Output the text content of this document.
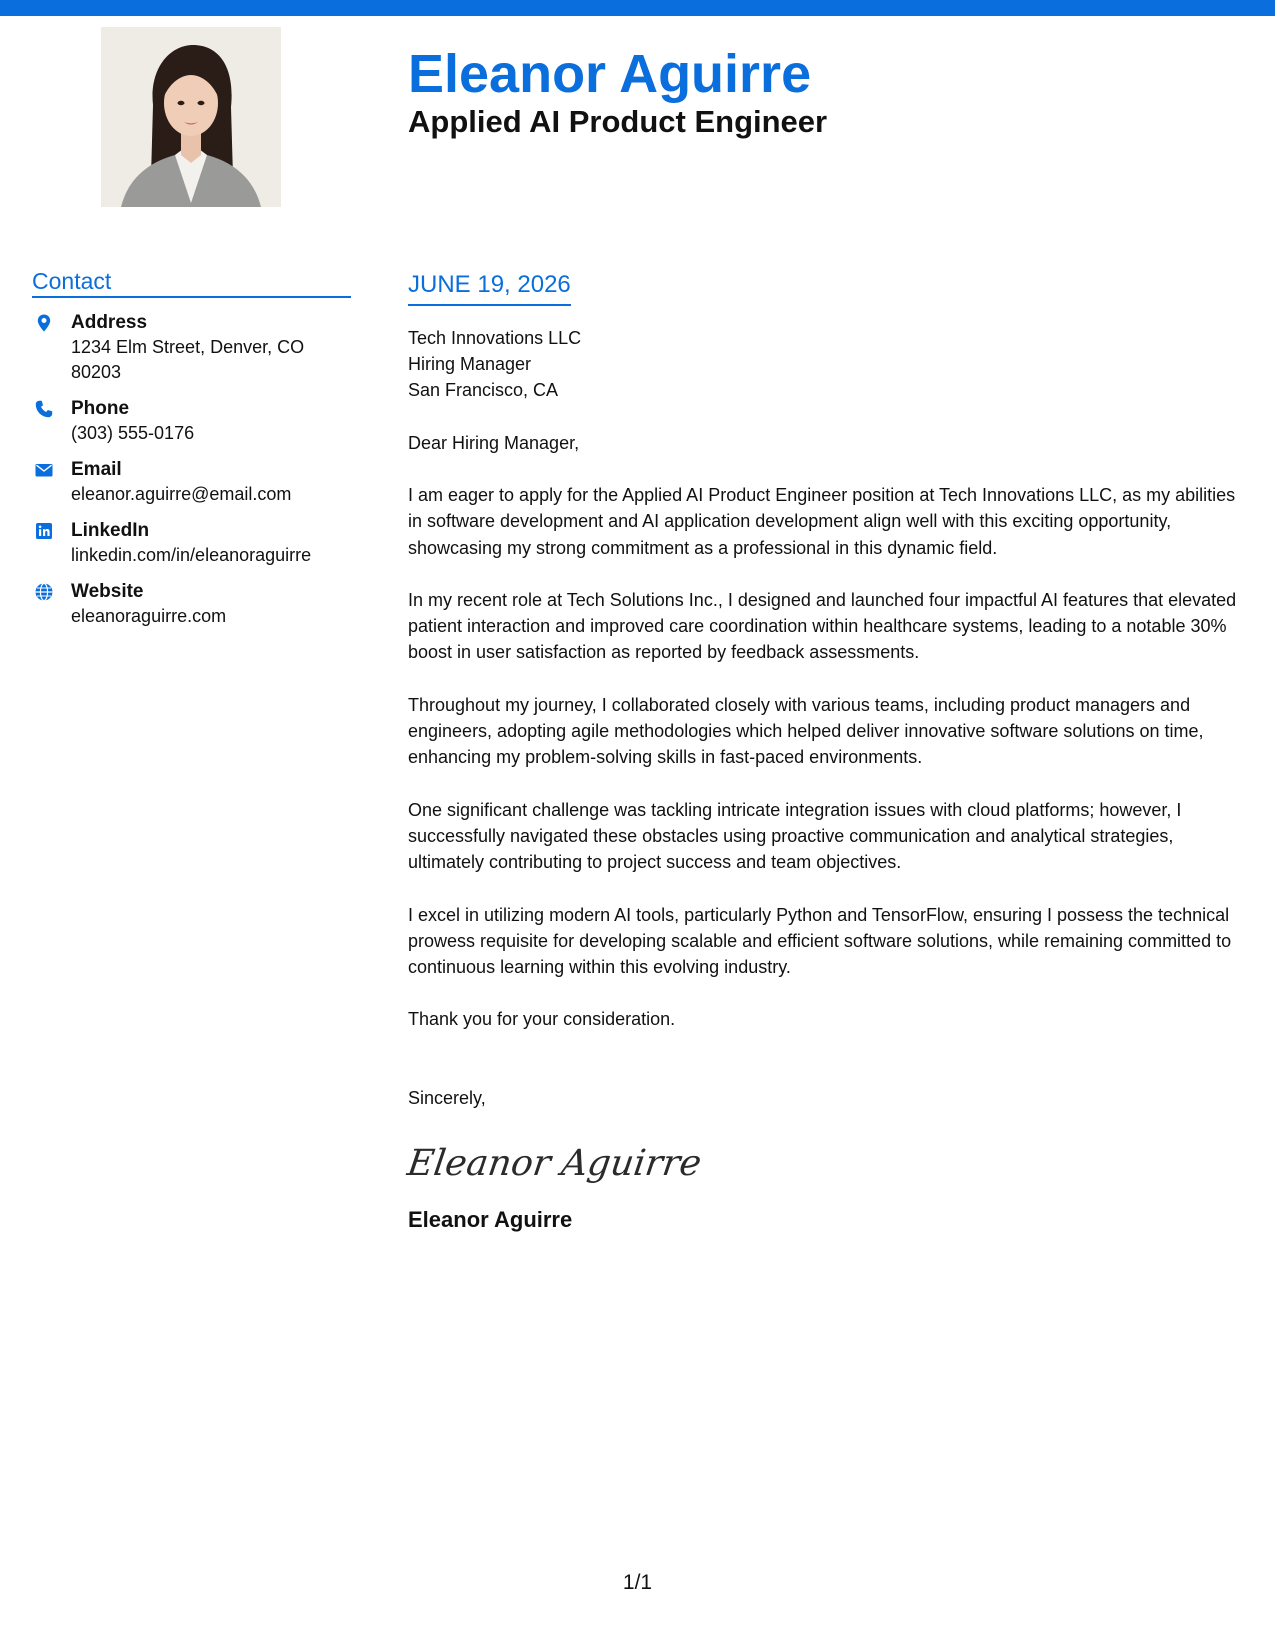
Eleanor Aguirre
Applied AI Product Engineer
Contact
Address
1234 Elm Street, Denver, CO 80203
Phone
(303) 555-0176
Email
eleanor.aguirre@email.com
LinkedIn
linkedin.com/in/eleanoraguirre
Website
eleanoraguirre.com
JUNE 19, 2026
Tech Innovations LLC
Hiring Manager
San Francisco, CA
Dear Hiring Manager,

I am eager to apply for the Applied AI Product Engineer position at Tech Innovations LLC, as my abilities in software development and AI application development align well with this exciting opportunity, showcasing my strong commitment as a professional in this dynamic field.

In my recent role at Tech Solutions Inc., I designed and launched four impactful AI features that elevated patient interaction and improved care coordination within healthcare systems, leading to a notable 30% boost in user satisfaction as reported by feedback assessments.

Throughout my journey, I collaborated closely with various teams, including product managers and engineers, adopting agile methodologies which helped deliver innovative software solutions on time, enhancing my problem-solving skills in fast-paced environments.

One significant challenge was tackling intricate integration issues with cloud platforms; however, I successfully navigated these obstacles using proactive communication and analytical strategies, ultimately contributing to project success and team objectives.

I excel in utilizing modern AI tools, particularly Python and TensorFlow, ensuring I possess the technical prowess requisite for developing scalable and efficient software solutions, while remaining committed to continuous learning within this evolving industry.

Thank you for your consideration.
Sincerely,
Eleanor Aguirre
Eleanor Aguirre
1/1
